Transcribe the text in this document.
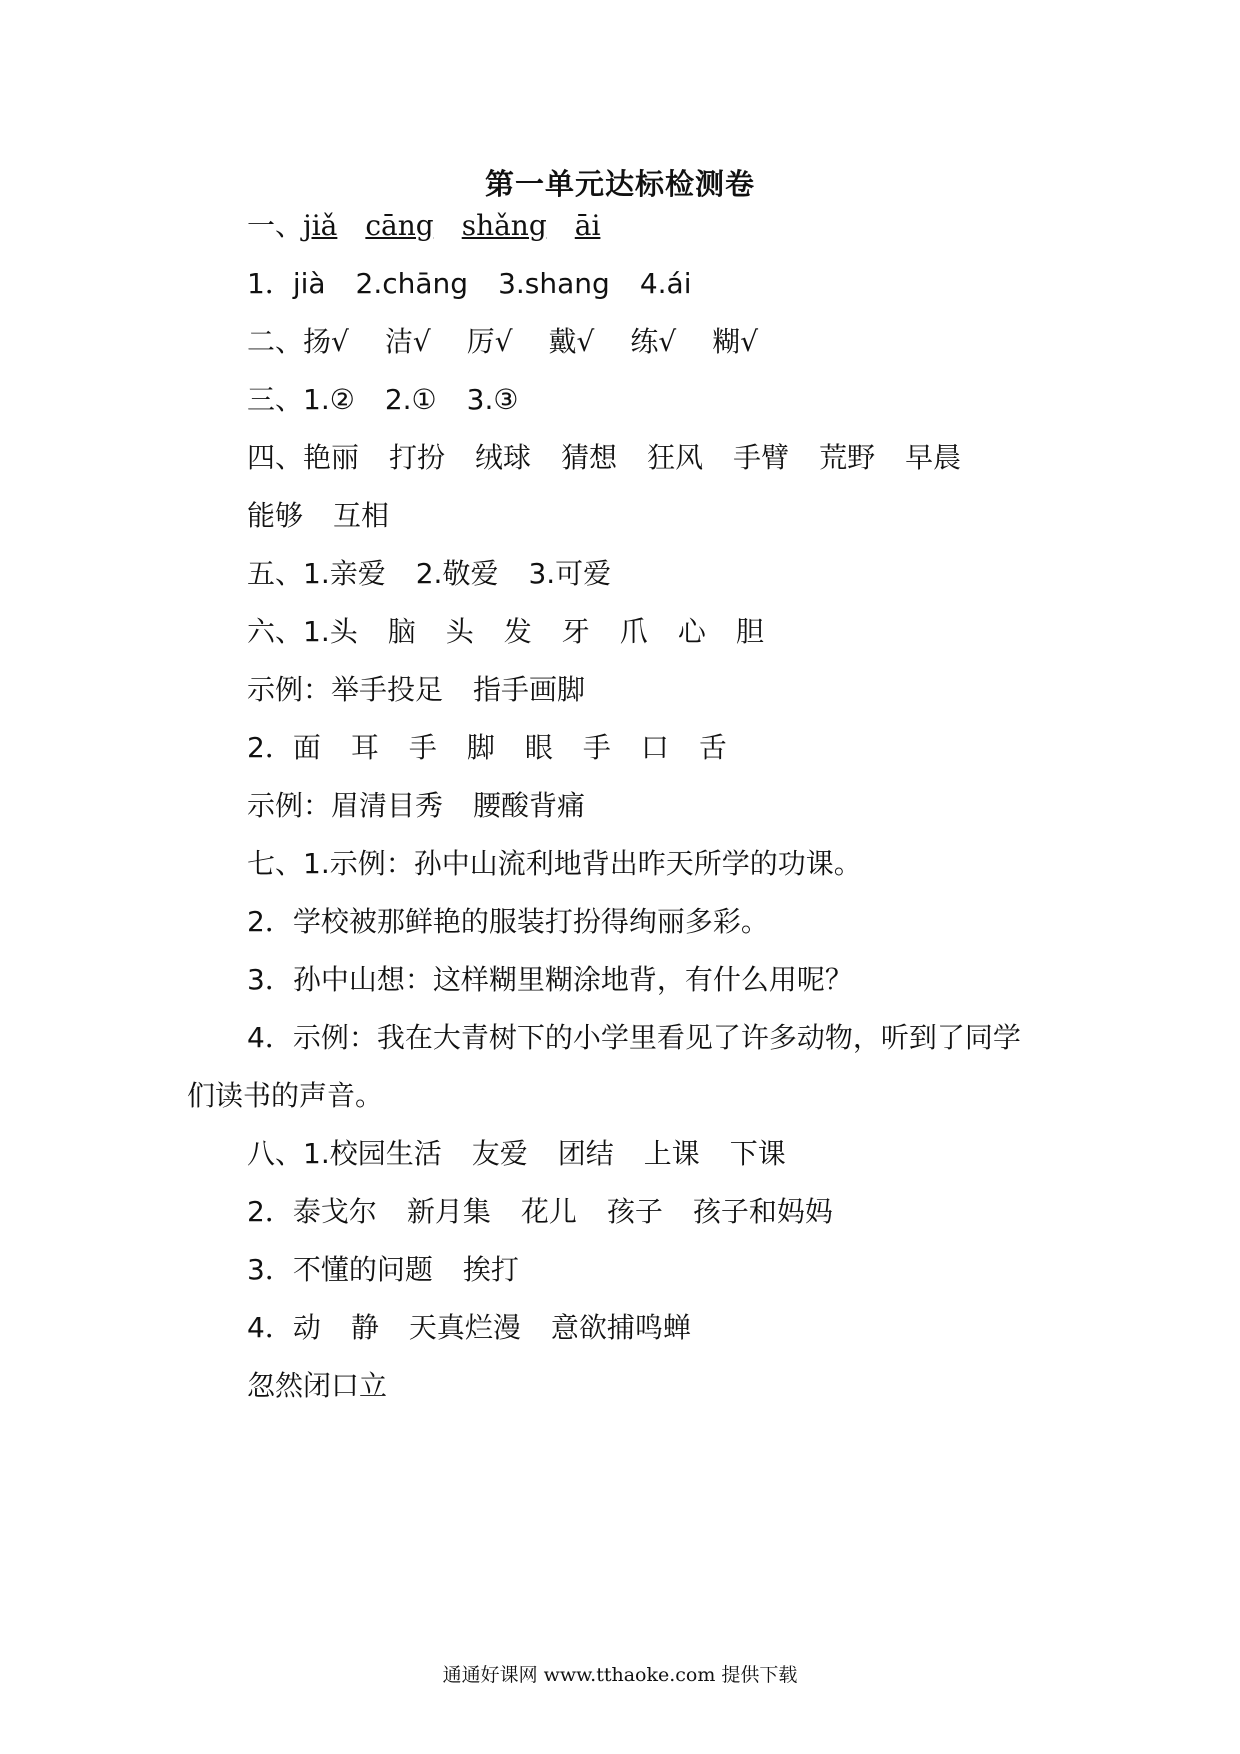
第一单元达标检测卷
一、jiǎ cāng shǎng āi
1．jià 2.chāng 3.shang 4.ái
二、扬√ 洁√ 厉√ 戴√ 练√ 糊√
三、1.② 2.① 3.③
四、艳丽 打扮 绒球 猜想 狂风 手臂 荒野 早晨
能够 互相
五、1.亲爱 2.敬爱 3.可爱
六、1.头 脑 头 发 牙 爪 心 胆
示例：举手投足 指手画脚
2．面 耳 手 脚 眼 手 口 舌
示例：眉清目秀 腰酸背痛
七、1.示例：孙中山流利地背出昨天所学的功课。
2．学校被那鲜艳的服装打扮得绚丽多彩。
3．孙中山想：这样糊里糊涂地背，有什么用呢？
4．示例：我在大青树下的小学里看见了许多动物，听到了同学
们读书的声音。
八、1.校园生活 友爱 团结 上课 下课
2．泰戈尔 新月集 花儿 孩子 孩子和妈妈
3．不懂的问题 挨打
4．动 静 天真烂漫 意欲捕鸣蝉
忽然闭口立
通通好课网 www.tthaoke.com 提供下载
